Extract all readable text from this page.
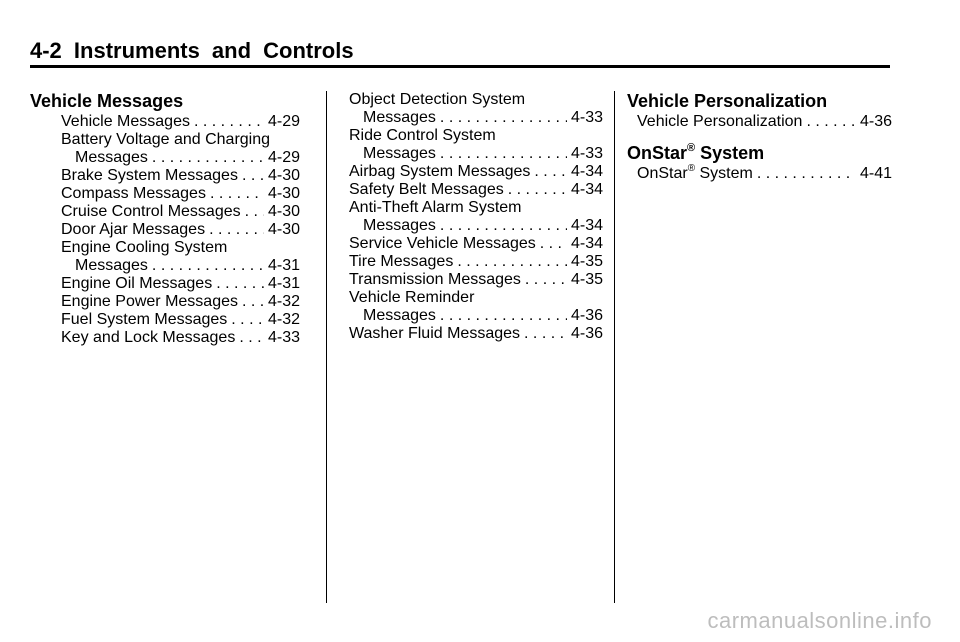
4-2 Instruments and Controls
Vehicle Messages
Vehicle Messages . . .	4-29
Battery Voltage and Charging
Messages . . .	4-29
Brake System Messages . . . 4-30
Compass Messages . . .	4-30
Cruise Control Messages . . . 4-30
Door Ajar Messages . . .	4-30
Engine Cooling System
Messages . . .	4-31
Engine Oil Messages . . .	4-31
Engine Power Messages . . . 4-32
Fuel System Messages . . .	4-32
Key and Lock Messages . . . 4-33
Object Detection System
Messages . . .	4-33
Ride Control System
Messages . . .	4-33
Airbag System Messages . . .	4-34
Safety Belt Messages . . .	4-34
Anti-Theft Alarm System
Messages . . .	4-34
Service Vehicle Messages . . . 4-34
Tire Messages . . .	4-35
Transmission Messages . . .	4-35
Vehicle Reminder
Messages . . .	4-36
Washer Fluid Messages . . .	4-36
Vehicle Personalization
Vehicle Personalization . . .	4-36
OnStar® System
OnStar® System . . .	4-41
carmanualsonline.info
